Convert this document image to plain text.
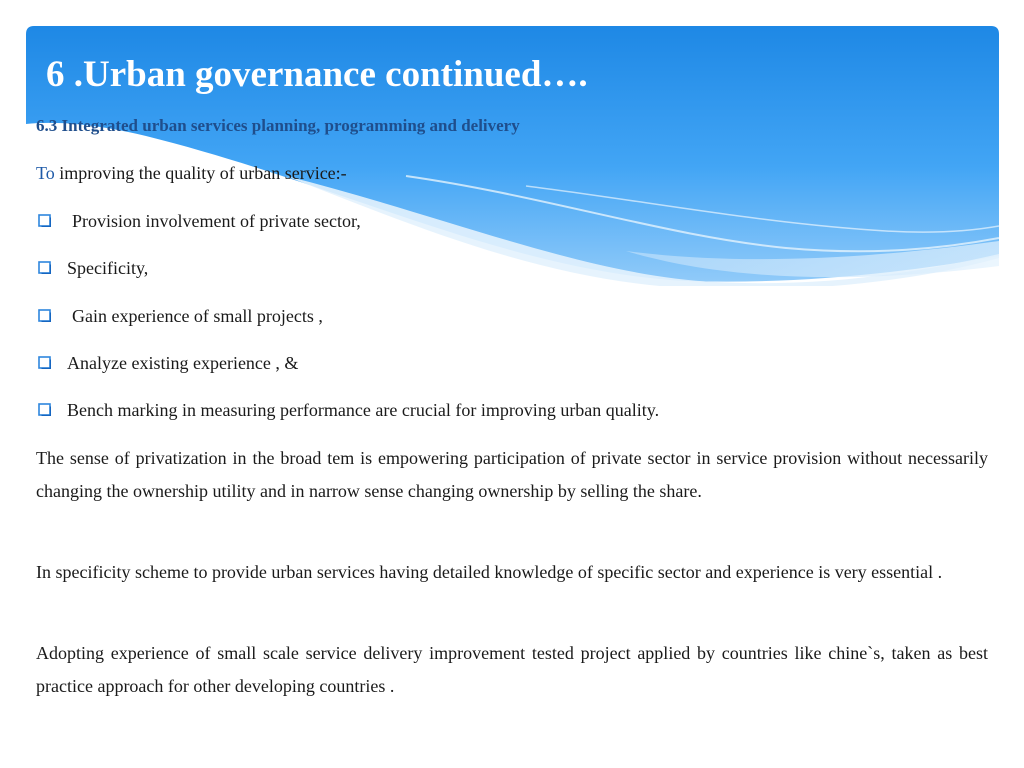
6 .Urban governance continued….
6.3 Integrated urban services planning, programming and delivery
To improving the quality of urban service:-
Provision involvement of private sector,
Specificity,
Gain experience of small projects ,
Analyze existing experience , &
Bench marking in measuring performance are crucial for improving urban quality.

The sense of privatization in the broad tem is empowering participation of private sector in service provision without necessarily changing the ownership utility and in narrow sense changing ownership by selling the share.

In specificity scheme to provide urban services having detailed knowledge of specific sector and experience is very essential .

Adopting experience of small scale service delivery improvement tested project applied by countries like chine`s, taken as best practice approach for other developing countries .
